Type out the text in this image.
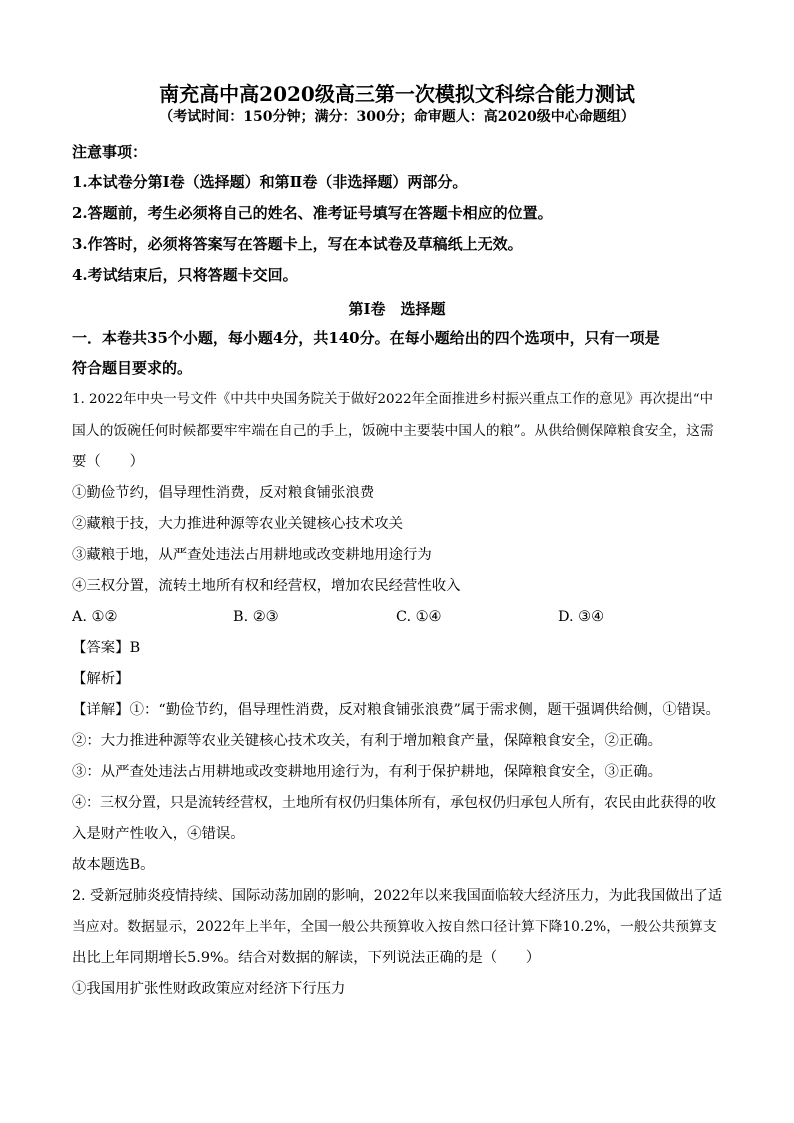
南充高中高2020级高三第一次模拟文科综合能力测试
（考试时间：150分钟；满分：300分；命审题人：高2020级中心命题组）
注意事项：
1.本试卷分第Ⅰ卷（选择题）和第Ⅱ卷（非选择题）两部分。
2.答题前，考生必须将自己的姓名、准考证号填写在答题卡相应的位置。
3.作答时，必须将答案写在答题卡上，写在本试卷及草稿纸上无效。
4.考试结束后，只将答题卡交回。
第Ⅰ卷　选择题
一．本卷共35个小题，每小题4分，共140分。在每小题给出的四个选项中，只有一项是
符合题目要求的。
1. 2022年中央一号文件《中共中央国务院关于做好2022年全面推进乡村振兴重点工作的意见》再次提出“中
国人的饭碗任何时候都要牢牢端在自己的手上，饭碗中主要装中国人的粮”。从供给侧保障粮食安全，这需
要（　　）
①勤俭节约，倡导理性消费，反对粮食铺张浪费
②藏粮于技，大力推进种源等农业关键核心技术攻关
③藏粮于地，从严查处违法占用耕地或改变耕地用途行为
④三权分置，流转土地所有权和经营权，增加农民经营性收入
A. ①②	B. ②③	C. ①④	D. ③④
【答案】B
【解析】
【详解】①：“勤俭节约，倡导理性消费，反对粮食铺张浪费”属于需求侧，题干强调供给侧，①错误。
②：大力推进种源等农业关键核心技术攻关，有利于增加粮食产量，保障粮食安全，②正确。
③：从严查处违法占用耕地或改变耕地用途行为，有利于保护耕地，保障粮食安全，③正确。
④：三权分置，只是流转经营权，土地所有权仍归集体所有，承包权仍归承包人所有，农民由此获得的收
入是财产性收入，④错误。
故本题选B。
2. 受新冠肺炎疫情持续、国际动荡加剧的影响，2022年以来我国面临较大经济压力，为此我国做出了适
当应对。数据显示，2022年上半年，全国一般公共预算收入按自然口径计算下降10.2%，一般公共预算支
出比上年同期增长5.9%。结合对数据的解读，下列说法正确的是（　　）
①我国用扩张性财政政策应对经济下行压力
